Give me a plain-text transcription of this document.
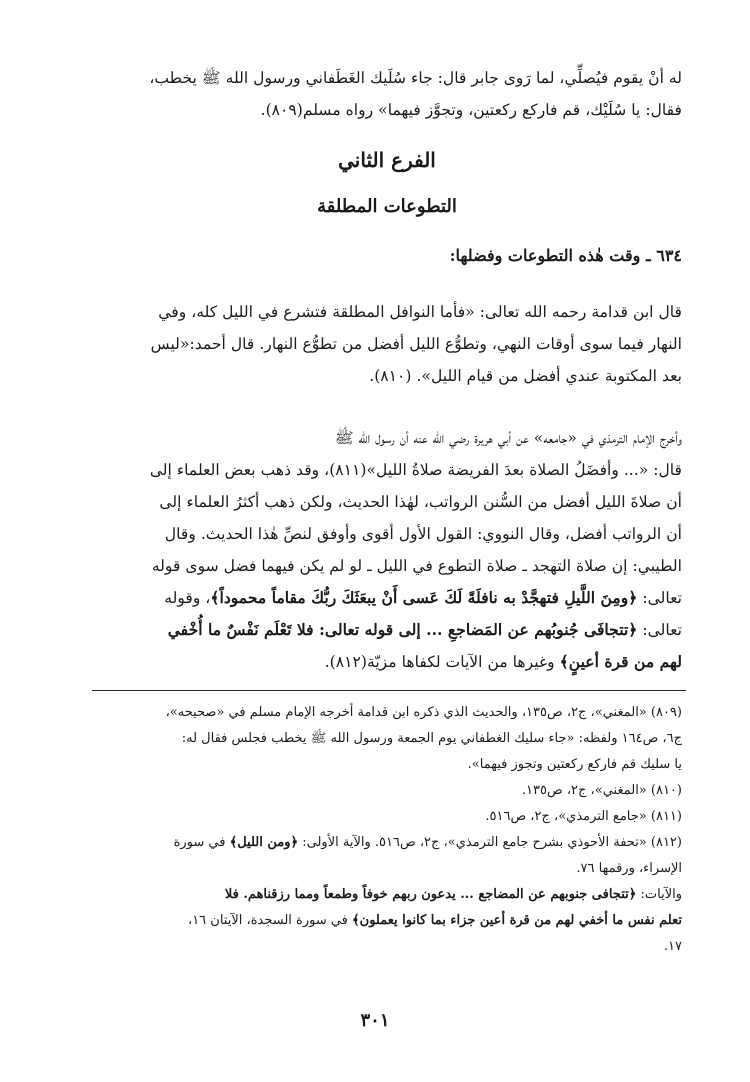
له أنْ يقوم فيُصلِّي، لما رَوى جابر قال: جاء سُلَيك الغَطَفاني ورسول الله ﷺ يخطب،
فقال: يا سُلَيْك، قم فاركع ركعتين، وتجوَّز فيهما» رواه مسلم(٨٠٩).
الفرع الثاني
التطوعات المطلقة
٦٣٤ ـ وقت هٰذه التطوعات وفضلها:
قال ابن قدامة رحمه الله تعالى: «فأما النوافل المطلقة فتشرع في الليل كله، وفي
النهار فيما سوى أوقات النهي، وتطوُّع الليل أفضل من تطوُّع النهار. قال أحمد:«ليس
بعد المكتوبة عندي أفضل من قيام الليل». (٨١٠).
وأخرج الإمام الترمذي في «جامعه» عن أبي هريرة رضي الله عنه أن رسول الله ﷺ
قال: «... وأفضَلُ الصلاة بعدَ الفريضة صلاةُ الليل»(٨١١)، وقد ذهب بعض العلماء إلى
أن صلاةَ الليل أفضل من السُّنن الرواتب، لهٰذا الحديث، ولكن ذهب أكثرُ العلماء إلى
أن الرواتب أفضل، وقال النووي: القول الأول أقوى وأوفق لنصِّ هٰذا الحديث. وقال
الطيبي: إن صلاة التهجد ـ صلاة التطوع في الليل ـ لو لم يكن فيهما فضل سوى قوله
تعالى: ﴿ومِنَ اللَّيلِ فتهجَّدْ به نافلَةً لَكَ عَسى أَنْ يبعَثَكَ ربُّكَ مقاماً محموداً﴾، وقوله
تعالى: ﴿تتجافَى جُنوبُهم عن المَضاجعِ ... إلى قوله تعالى: فلا تَعْلَم نَفْسٌ ما أُخْفي
لهم من قرة أعينٍ﴾ وغيرها من الآيات لكفاها مزيّة(٨١٢).
(٨٠٩) «المغني»، ج٢، ص١٣٥، والحديث الذي ذكره ابن قدامة أخرجه الإمام مسلم في «صحيحه»،
ج٦، ص١٦٤ ولفظه: «جاء سليك الغطفاني يوم الجمعة ورسول الله ﷺ يخطب فجلس فقال له:
يا سليك قم فاركع ركعتين وتجوز فيهما».
(٨١٠) «المغني»، ج٢، ص١٣٥.
(٨١١) «جامع الترمذي»، ج٢، ص٥١٦.
(٨١٢) «تحفة الأحوذي بشرح جامع الترمذي»، ج٢، ص٥١٦. والآية الأولى: ﴿ومن الليل﴾ في سورة
الإسراء، ورقمها ٧٦.
والآيات: ﴿تتجافى جنوبهم عن المضاجع ... يدعون ربهم خوفاً وطمعاً ومما رزقناهم. فلا
تعلم نفس ما أخفي لهم من قرة أعين جزاء بما كانوا يعملون﴾ في سورة السجدة، الآيتان ١٦،
١٧.
٣٠١
